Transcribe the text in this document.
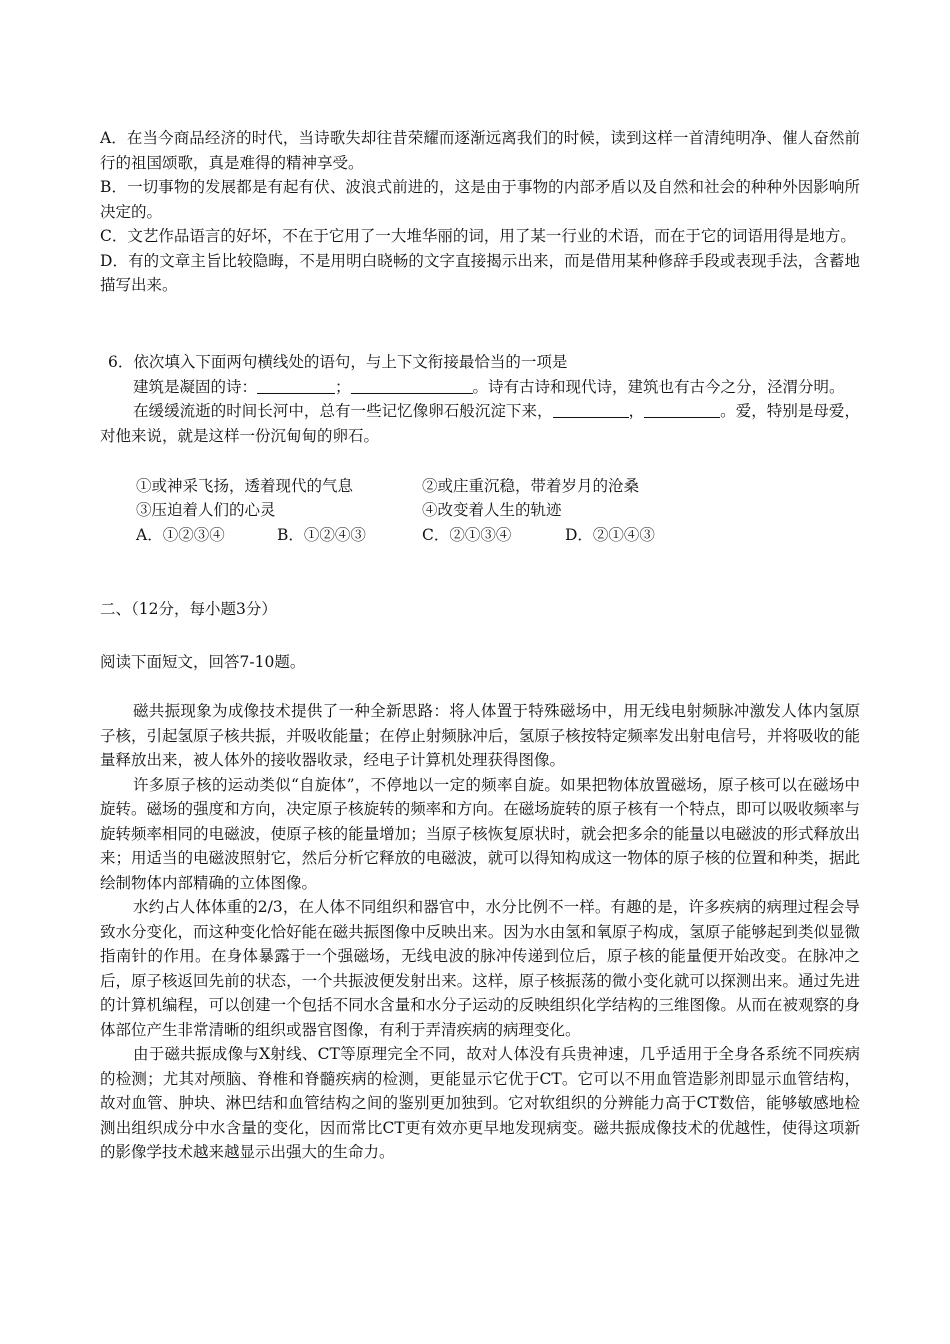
A．在当今商品经济的时代，当诗歌失却往昔荣耀而逐渐远离我们的时候，读到这样一首清纯明净、催人奋然前行的祖国颂歌，真是难得的精神享受。

B．一切事物的发展都是有起有伏、波浪式前进的，这是由于事物的内部矛盾以及自然和社会的种种外因影响所决定的。

C．文艺作品语言的好坏，不在于它用了一大堆华丽的词，用了某一行业的术语，而在于它的词语用得是地方。

D．有的文章主旨比较隐晦，不是用明白晓畅的文字直接揭示出来，而是借用某种修辞手段或表现手法，含蓄地描写出来。

6．依次填入下面两句横线处的语句，与上下文衔接最恰当的一项是

建筑是凝固的诗：	；	。诗有古诗和现代诗，建筑也有古今之分，泾渭分明。

在缓缓流逝的时间长河中，总有一些记忆像卵石般沉淀下来，	，	。爱，特别是母爱，对他来说，就是这样一份沉甸甸的卵石。

①或神采飞扬，透着现代的气息	②或庄重沉稳，带着岁月的沧桑
③压迫着人们的心灵	④改变着人生的轨迹
A．①②③④	B．①②④③	C．②①③④	D．②①④③
二、（12分，每小题3分）
阅读下面短文，回答7-10题。

磁共振现象为成像技术提供了一种全新思路：将人体置于特殊磁场中，用无线电射频脉冲激发人体内氢原子核，引起氢原子核共振，并吸收能量；在停止射频脉冲后，氢原子核按特定频率发出射电信号，并将吸收的能量释放出来，被人体外的接收器收录，经电子计算机处理获得图像。

许多原子核的运动类似“自旋体”，不停地以一定的频率自旋。如果把物体放置磁场，原子核可以在磁场中旋转。磁场的强度和方向，决定原子核旋转的频率和方向。在磁场旋转的原子核有一个特点，即可以吸收频率与旋转频率相同的电磁波，使原子核的能量增加；当原子核恢复原状时，就会把多余的能量以电磁波的形式释放出来；用适当的电磁波照射它，然后分析它释放的电磁波，就可以得知构成这一物体的原子核的位置和种类，据此绘制物体内部精确的立体图像。

水约占人体体重的2/3，在人体不同组织和器官中，水分比例不一样。有趣的是，许多疾病的病理过程会导致水分变化，而这种变化恰好能在磁共振图像中反映出来。因为水由氢和氧原子构成，氢原子能够起到类似显微指南针的作用。在身体暴露于一个强磁场，无线电波的脉冲传递到位后，原子核的能量便开始改变。在脉冲之后，原子核返回先前的状态，一个共振波便发射出来。这样，原子核振荡的微小变化就可以探测出来。通过先进的计算机编程，可以创建一个包括不同水含量和水分子运动的反映组织化学结构的三维图像。从而在被观察的身体部位产生非常清晰的组织或器官图像，有利于弄清疾病的病理变化。

由于磁共振成像与X射线、CT等原理完全不同，故对人体没有兵贵神速，几乎适用于全身各系统不同疾病的检测；尤其对颅脑、脊椎和脊髓疾病的检测，更能显示它优于CT。它可以不用血管造影剂即显示血管结构，故对血管、肿块、淋巴结和血管结构之间的鉴别更加独到。它对软组织的分辨能力高于CT数倍，能够敏感地检测出组织成分中水含量的变化，因而常比CT更有效亦更早地发现病变。磁共振成像技术的优越性，使得这项新的影像学技术越来越显示出强大的生命力。
